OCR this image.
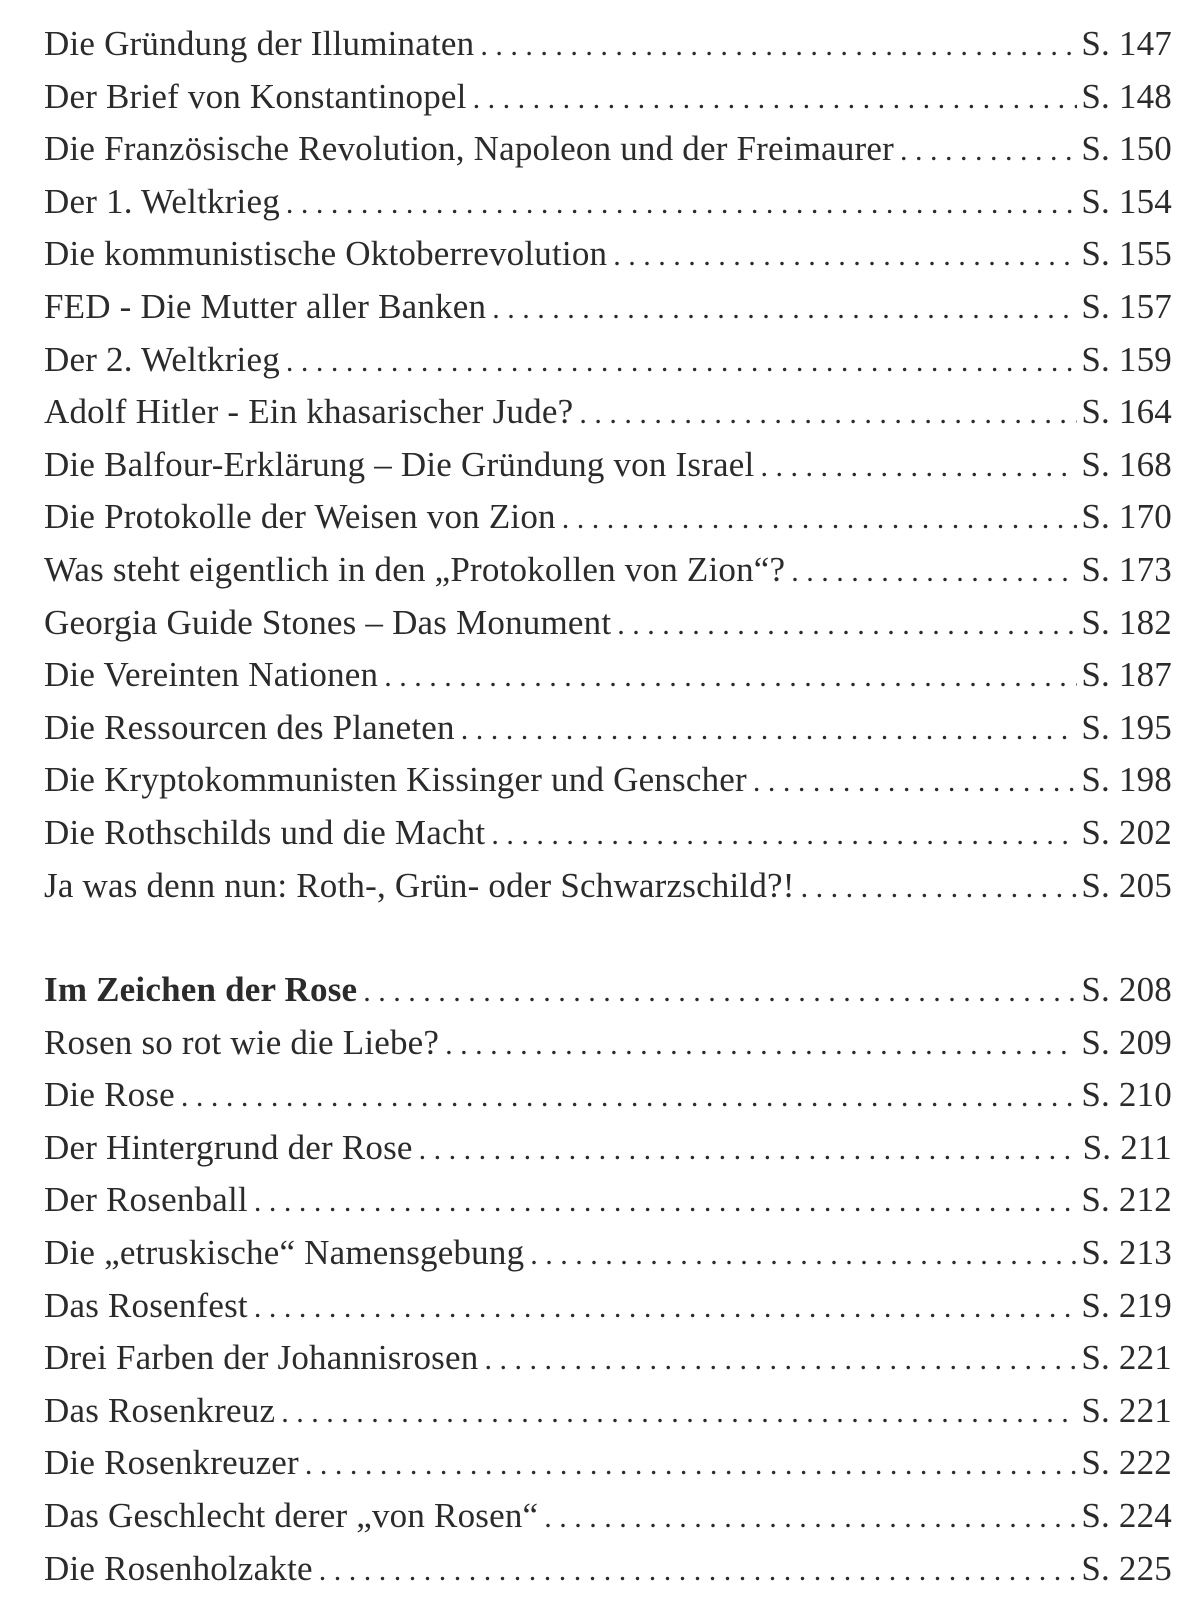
Die Gründung der Illuminaten . . .	S. 147
Der Brief von Konstantinopel . . .	S. 148
Die Französische Revolution, Napoleon und der Freimaurer . . .	S. 150
Der 1. Weltkrieg . . .	S. 154
Die kommunistische Oktoberrevolution . . .	S. 155
FED - Die Mutter aller Banken . . .	S. 157
Der 2. Weltkrieg . . .	S. 159
Adolf Hitler - Ein khasarischer Jude? . . .	S. 164
Die Balfour-Erklärung – Die Gründung von Israel . . .	S. 168
Die Protokolle der Weisen von Zion . . .	S. 170
Was steht eigentlich in den „Protokollen von Zion“? . . .	S. 173
Georgia Guide Stones – Das Monument . . .	S. 182
Die Vereinten Nationen . . .	S. 187
Die Ressourcen des Planeten . . .	S. 195
Die Kryptokommunisten Kissinger und Genscher . . .	S. 198
Die Rothschilds und die Macht . . .	S. 202
Ja was denn nun: Roth-, Grün- oder Schwarzschild?! . . .	S. 205
Im Zeichen der Rose . . .	S. 208
Rosen so rot wie die Liebe? . . .	S. 209
Die Rose . . .	S. 210
Der Hintergrund der Rose . . .	S. 211
Der Rosenball . . .	S. 212
Die „etruskische“ Namensgebung . . .	S. 213
Das Rosenfest . . .	S. 219
Drei Farben der Johannisrosen . . .	S. 221
Das Rosenkreuz . . .	S. 221
Die Rosenkreuzer . . .	S. 222
Das Geschlecht derer „von Rosen“ . . .	S. 224
Die Rosenholzakte . . .	S. 225
